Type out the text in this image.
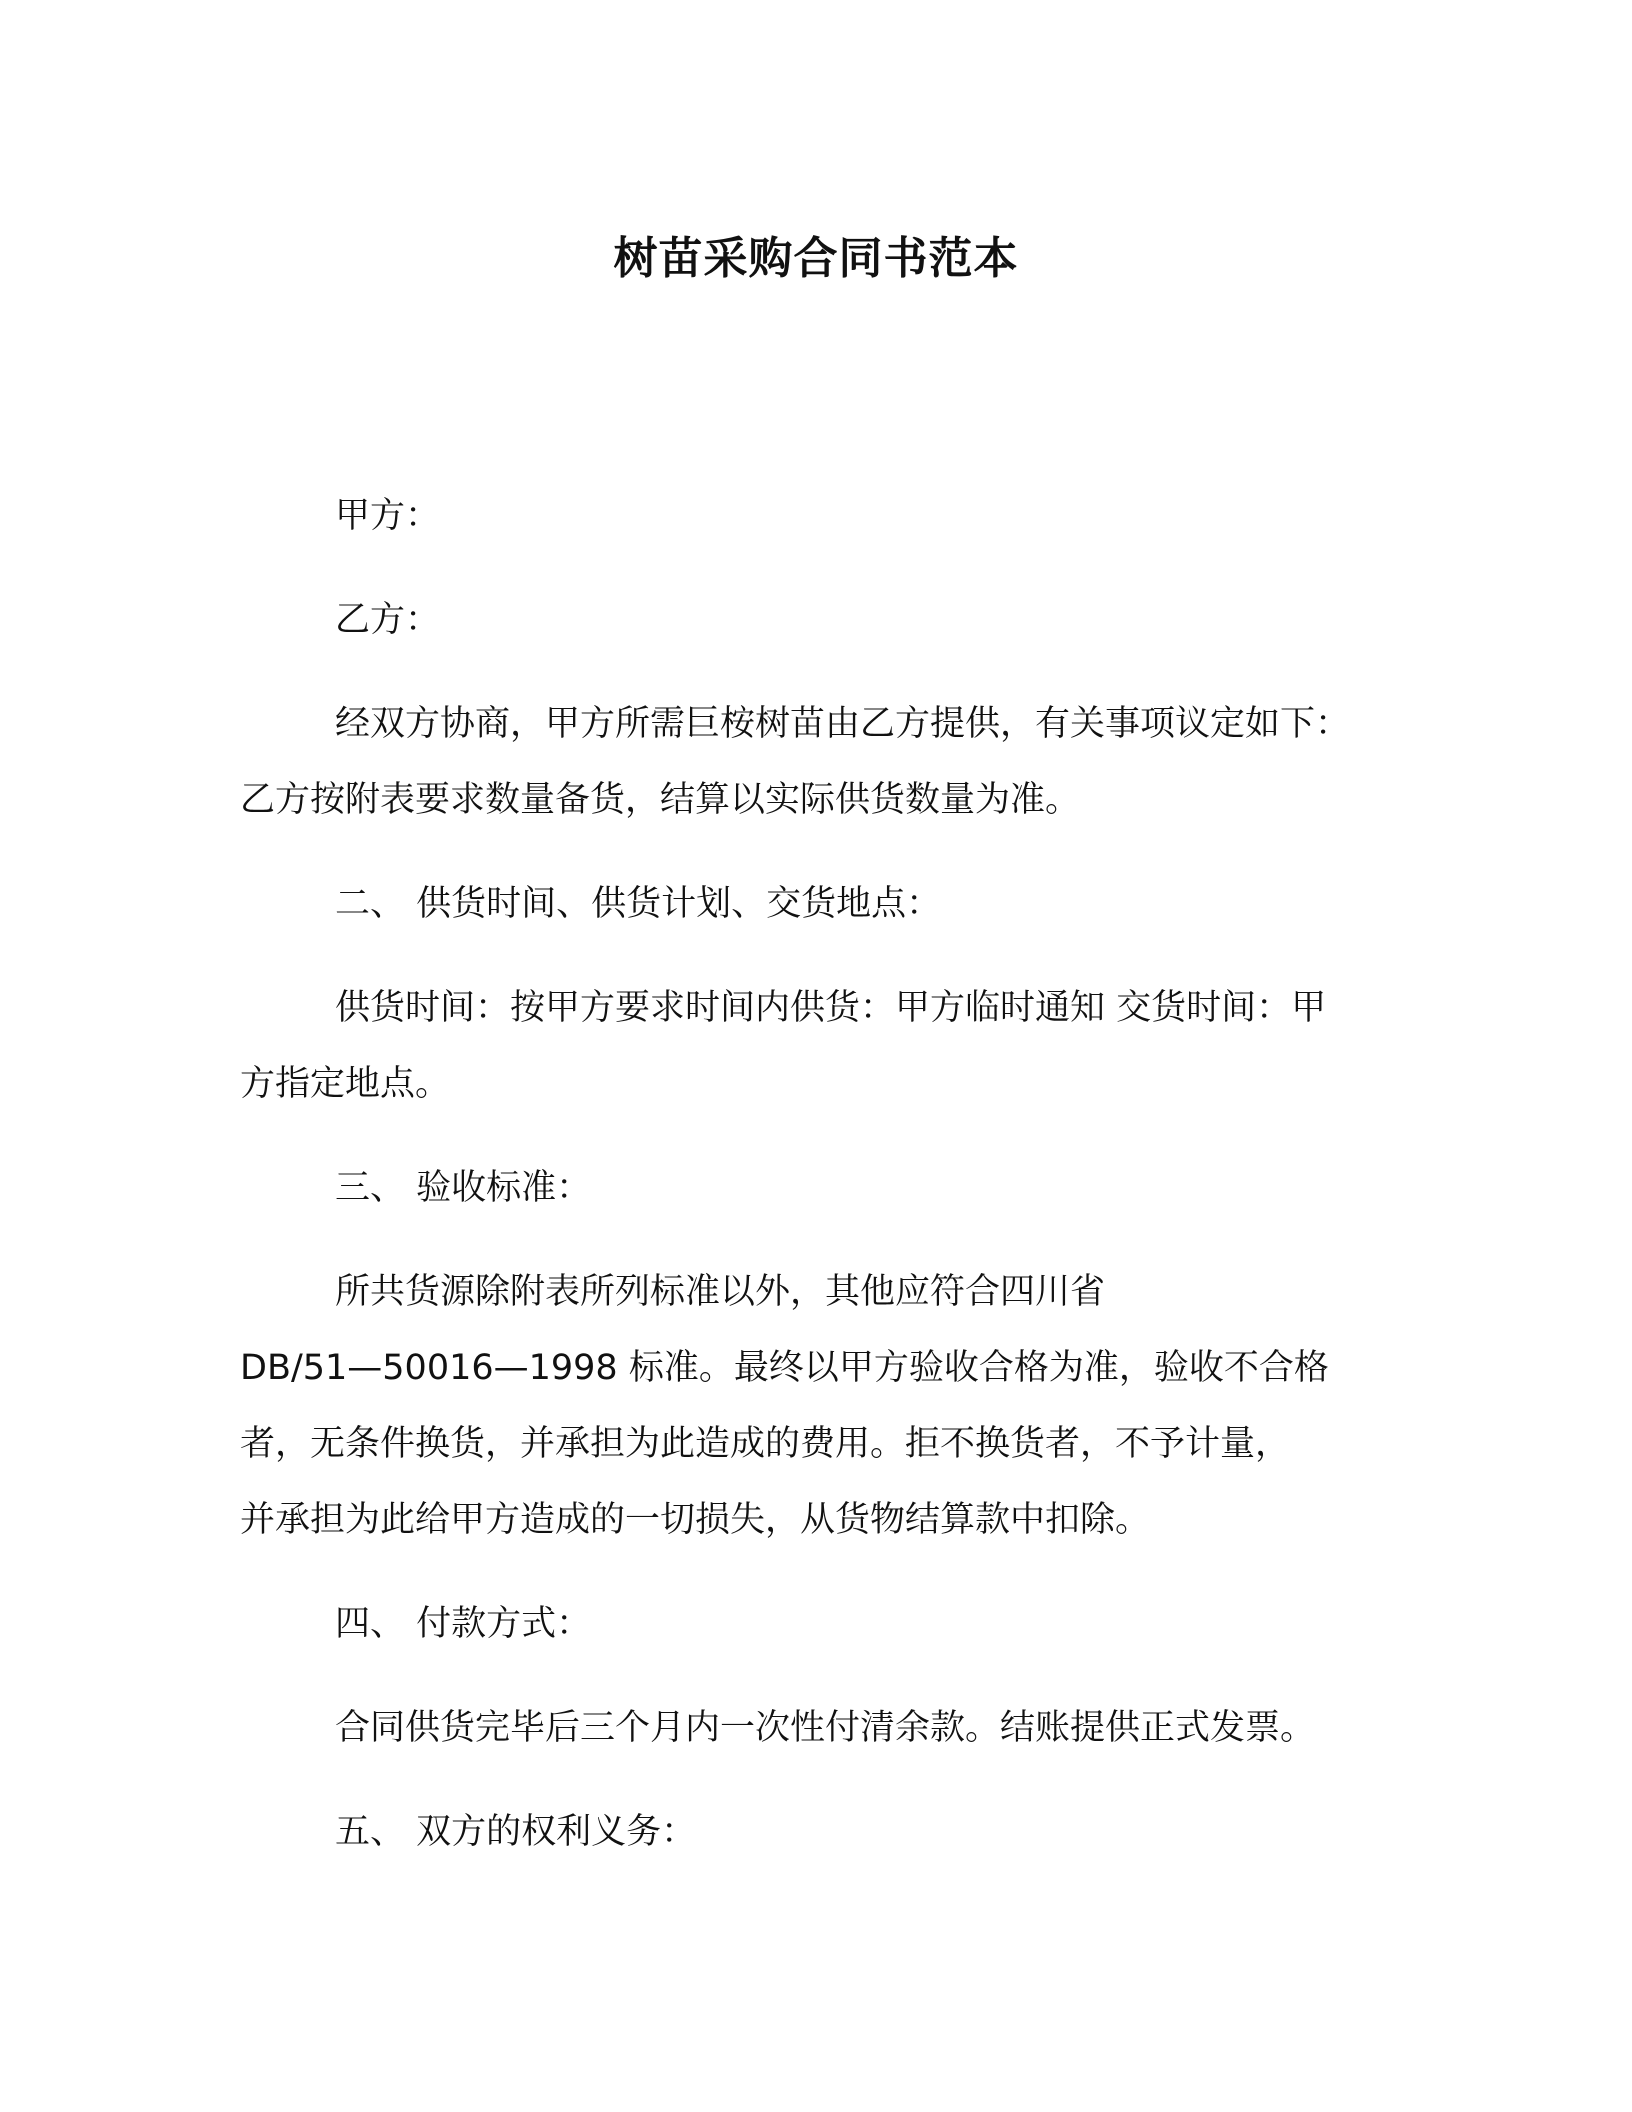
树苗采购合同书范本
甲方：
乙方：
经双方协商，甲方所需巨桉树苗由乙方提供，有关事项议定如下：
乙方按附表要求数量备货，结算以实际供货数量为准。
二、 供货时间、供货计划、交货地点：
供货时间：按甲方要求时间内供货：甲方临时通知 交货时间：甲
方指定地点。
三、 验收标准：
所共货源除附表所列标准以外，其他应符合四川省
DB/51—50016—1998 标准。最终以甲方验收合格为准，验收不合格
者，无条件换货，并承担为此造成的费用。拒不换货者，不予计量，
并承担为此给甲方造成的一切损失，从货物结算款中扣除。
四、 付款方式：
合同供货完毕后三个月内一次性付清余款。结账提供正式发票。
五、 双方的权利义务：
